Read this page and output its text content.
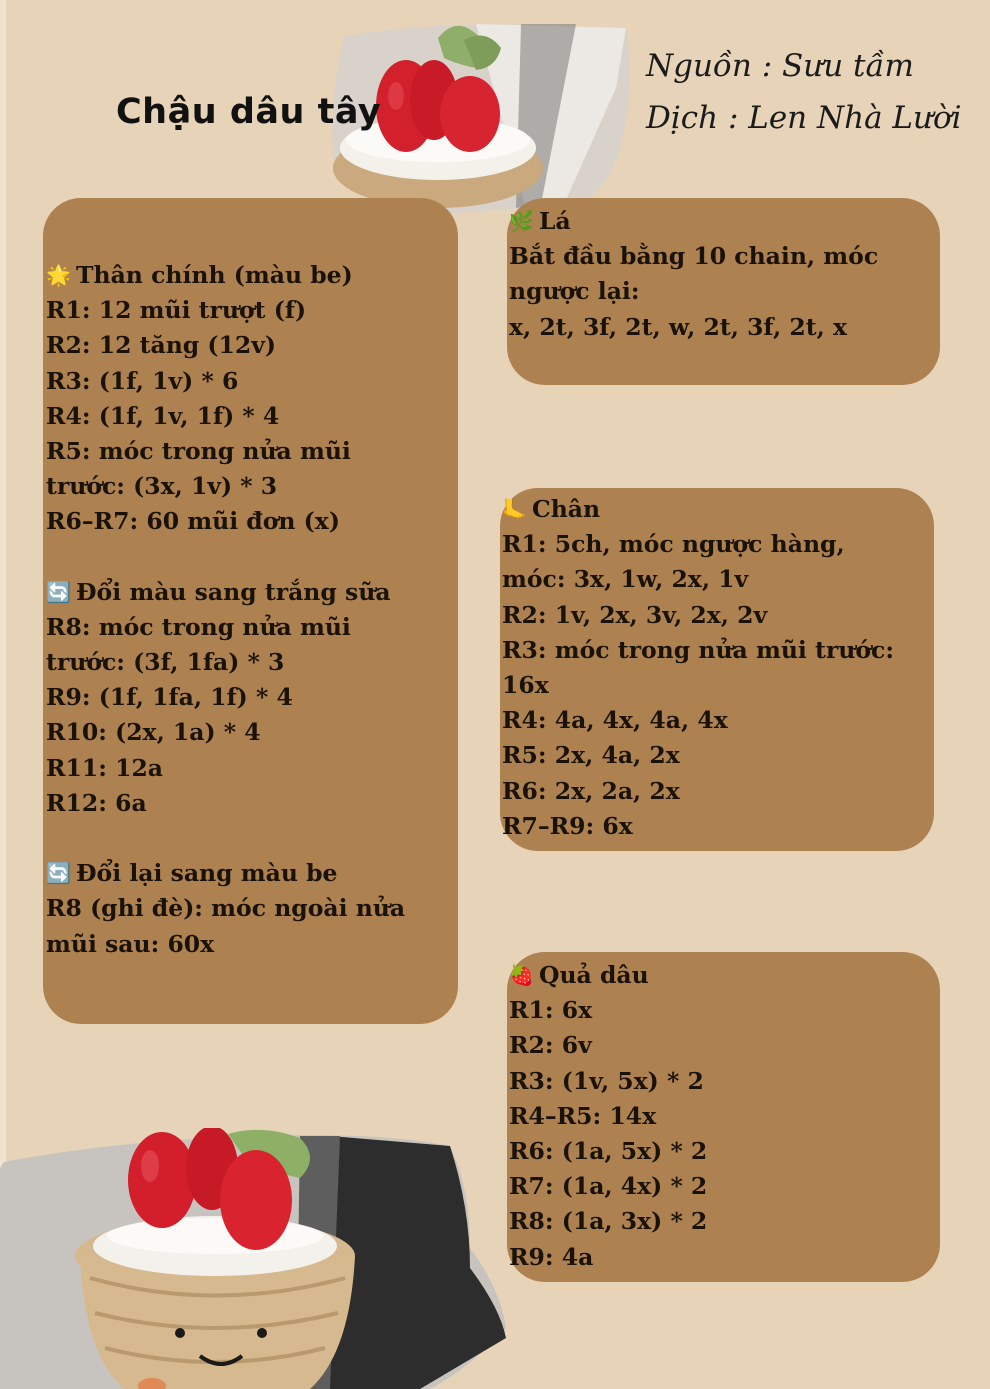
Chậu dâu tây
Nguồn : Sưu tầm
Dịch : Len Nhà Lười
🌟 Thân chính (màu be)
R1: 12 mũi trượt (f)
R2: 12 tăng (12v)
R3: (1f, 1v) * 6
R4: (1f, 1v, 1f) * 4
R5: móc trong nửa mũi
trước: (3x, 1v) * 3
R6–R7: 60 mũi đơn (x)
🔄 Đổi màu sang trắng sữa
R8: móc trong nửa mũi
trước: (3f, 1fa) * 3
R9: (1f, 1fa, 1f) * 4
R10: (2x, 1a) * 4
R11: 12a
R12: 6a
🔄 Đổi lại sang màu be
R8 (ghi đè): móc ngoài nửa
mũi sau: 60x
🌿 Lá
Bắt đầu bằng 10 chain, móc
ngược lại:
x, 2t, 3f, 2t, w, 2t, 3f, 2t, x
🦶 Chân
R1: 5ch, móc ngược hàng,
móc: 3x, 1w, 2x, 1v
R2: 1v, 2x, 3v, 2x, 2v
R3: móc trong nửa mũi trước:
16x
R4: 4a, 4x, 4a, 4x
R5: 2x, 4a, 2x
R6: 2x, 2a, 2x
R7–R9: 6x
🍓 Quả dâu
R1: 6x
R2: 6v
R3: (1v, 5x) * 2
R4–R5: 14x
R6: (1a, 5x) * 2
R7: (1a, 4x) * 2
R8: (1a, 3x) * 2
R9: 4a
